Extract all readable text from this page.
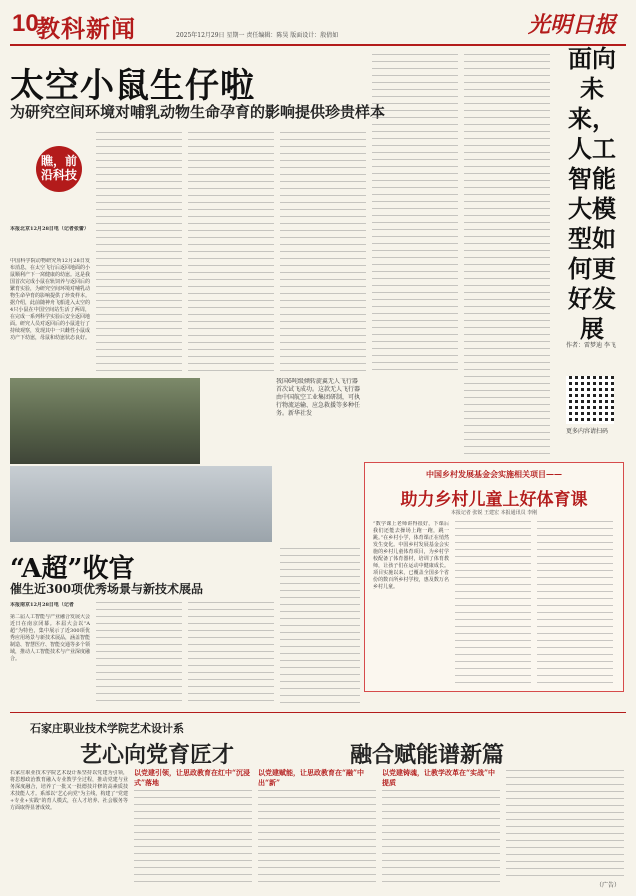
10
教科新闻	2025年12月29日 星期一 责任编辑：陈昊 版面设计：殷倩如	光明日报
太空小鼠生仔啦
为研究空间环境对哺乳动物生命孕育的影响提供珍贵样本
瞧，前沿科技
本报北京12月28日电（记者张蕾）
中国科学院动物研究所12月28日发布消息，在太空飞行后返回地面的小鼠顺利产下一窝健康的幼崽。这是我国首次完成小鼠在轨饲养与返回后的繁育实验，为研究空间环境对哺乳动物生命孕育的影响提供了珍贵样本。据介绍，此前随神舟飞船进入太空的4只小鼠在中国空间站生活了两周，在完成一系列科学实验后安全返回地面。研究人员对返回后的小鼠进行了持续观察，发现其中一只雌性小鼠成功产下幼崽，母鼠和幼崽状态良好。
面向未来，人工智能大模型如何更好发展
作者：雷梦迪 李飞
更多内容请扫码
我国6吨级倾转旋翼无人飞行器首次试飞成功。这款无人飞行器由中国航空工业集团研制，可执行物流运输、应急救援等多种任务。新华社发
“A超”收官
催生近300项优秀场景与新技术展品
本报南京12月28日电（记者
第二届人工智能与产业融合发展大会近日在南京闭幕。本届大会以“A超”为特色，集中展示了近300项优秀应用场景与新技术展品，涵盖智能制造、智慧医疗、智能交通等多个领域，推动人工智能技术与产业深度融合。
中国乡村发展基金会实施相关项目——
助力乡村儿童上好体育课
本报记者 张锐 王建宏 本报通讯员 李刚
“数学课上老师讲得很好，下课后我们还能去操场上跑一跑，跳一跳。”在乡村小学，体育课正在悄然发生变化。中国乡村发展基金会实施的乡村儿童体育项目，为乡村学校配备了体育器材，培训了体育教师，让孩子们在运动中健康成长。项目实施以来，已覆盖全国多个省份的数百所乡村学校，惠及数万名乡村儿童。
石家庄职业技术学院艺术设计系
艺心向党育匠才	融合赋能谱新篇
石家庄职业技术学院艺术设计系坚持以党建为引领，将思想政治教育融入专业教学全过程，推动党建与业务深度融合，培养了一批又一批德技并修的高素质技术技能人才。系部以“艺心向党”为主线，构建了“党建+专业+实践”的育人模式，在人才培养、社会服务等方面取得显著成效。
以党建引领，让思政教育在红中“沉浸式”落地
以党建赋能，让思政教育在“融”中出“新”
以党建铸魂，让教学改革在“实战”中提质
（广告）
